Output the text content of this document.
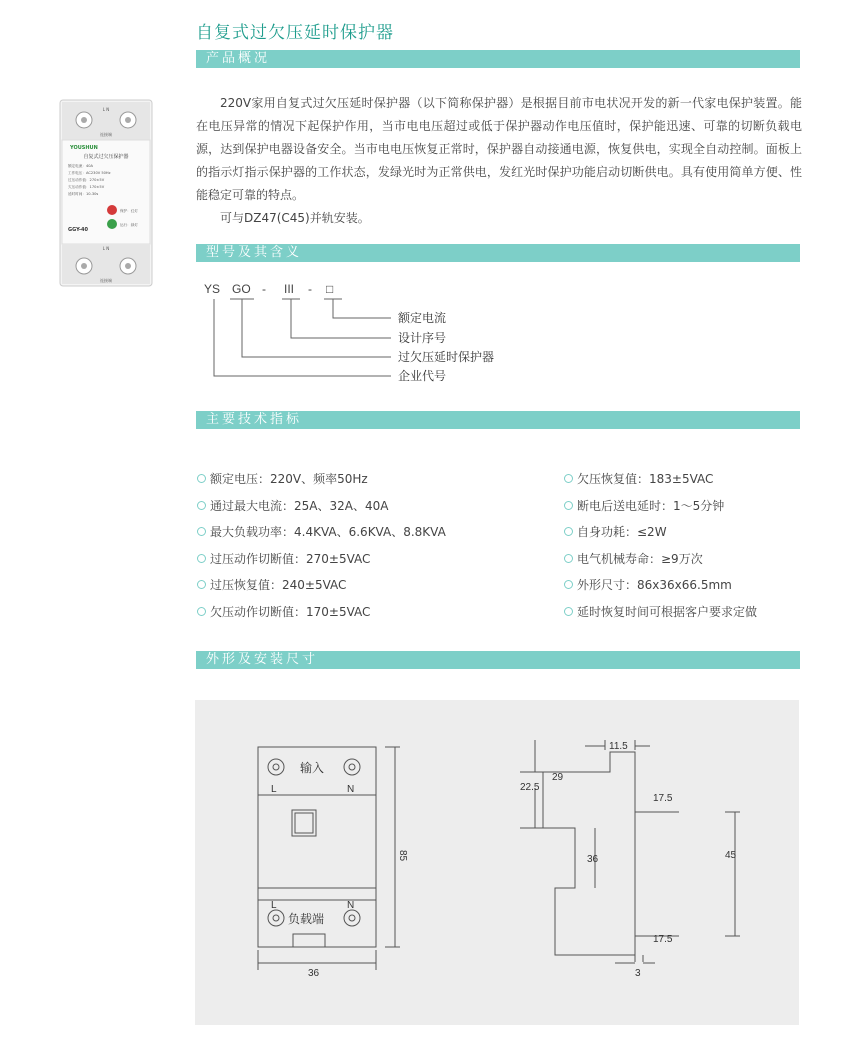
自复式过欠压延时保护器
产品概况
L N
连接端
YOUSHUN
自复式过欠压保护器
额定电流：40A
工作电压：AC230V 50Hz
过压动作值：270±5V
欠压动作值：170±5V
延时时间：10-30s
保护：红灯
运行：绿灯
GGY-40
L N
连接端

220V家用自复式过欠压延时保护器（以下简称保护器）是根据目前市电状况开发的新一代家电保护装置。能在电压异常的情况下起保护作用，当市电电压超过或低于保护器动作电压值时，保护能迅速、可靠的切断负载电源，达到保护电器设备安全。当市电电压恢复正常时，保护器自动接通电源，恢复供电，实现全自动控制。面板上的指示灯指示保护器的工作状态，发绿光时为正常供电，发红光时保护功能启动切断供电。具有使用简单方便、性能稳定可靠的特点。

可与DZ47(C45)并轨安装。

型号及其含义
YS GO - III - □
额定电流
设计序号
过欠压延时保护器
企业代号
主要技术指标
额定电压：220V、频率50Hz
通过最大电流：25A、32A、40A
最大负载功率：4.4KVA、6.6KVA、8.8KVA
过压动作切断值：270±5VAC
过压恢复值：240±5VAC
欠压动作切断值：170±5VAC
欠压恢复值：183±5VAC
断电后送电延时：1～5分钟
自身功耗：≤2W
电气机械寿命：≥9万次
外形尺寸：86x36x66.5mm
延时恢复时间可根据客户要求定做
外形及安装尺寸
输入
L	N
L	N
负载端
85
36
11.5
29
22.5
17.5
36	45
17.5
3
